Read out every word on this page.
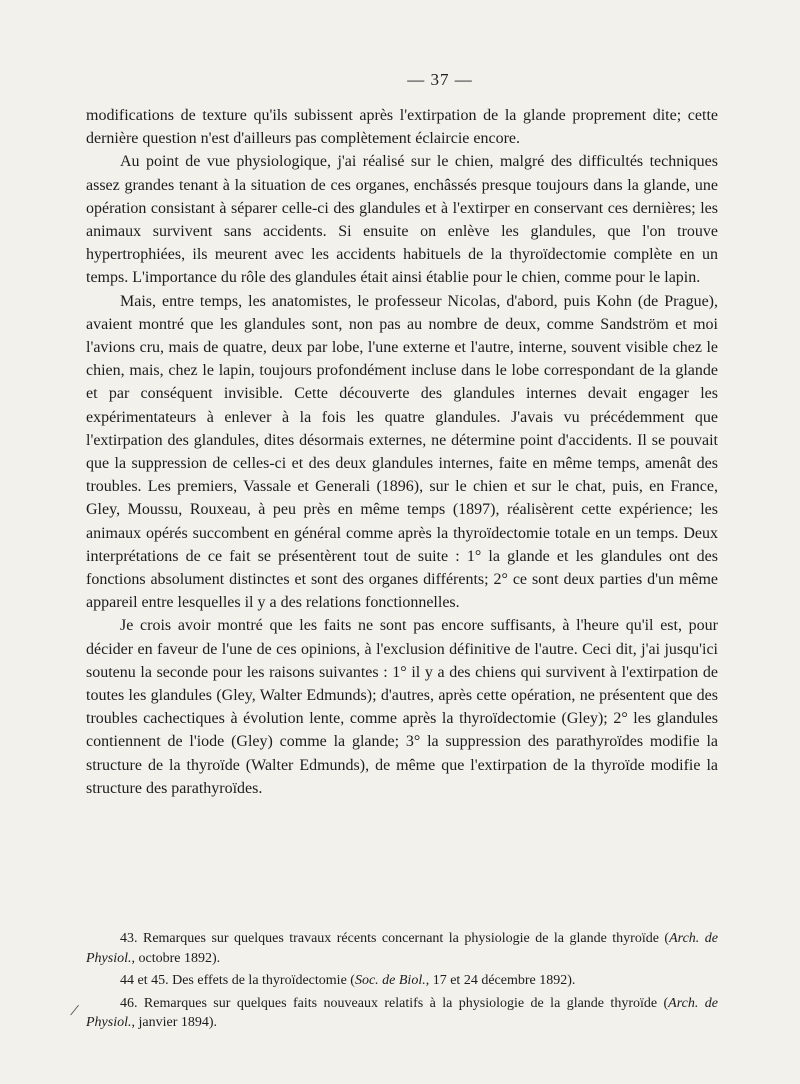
— 37 —

modifications de texture qu'ils subissent après l'extirpation de la glande proprement dite; cette dernière question n'est d'ailleurs pas complètement éclaircie encore.

Au point de vue physiologique, j'ai réalisé sur le chien, malgré des difficultés techniques assez grandes tenant à la situation de ces organes, enchâssés presque toujours dans la glande, une opération consistant à séparer celle-ci des glandules et à l'extirper en conservant ces dernières; les animaux survivent sans accidents. Si ensuite on enlève les glandules, que l'on trouve hypertrophiées, ils meurent avec les accidents habituels de la thyroïdectomie complète en un temps. L'importance du rôle des glandules était ainsi établie pour le chien, comme pour le lapin.

Mais, entre temps, les anatomistes, le professeur Nicolas, d'abord, puis Kohn (de Prague), avaient montré que les glandules sont, non pas au nombre de deux, comme Sandström et moi l'avions cru, mais de quatre, deux par lobe, l'une externe et l'autre, interne, souvent visible chez le chien, mais, chez le lapin, toujours profondément incluse dans le lobe correspondant de la glande et par conséquent invisible. Cette découverte des glandules internes devait engager les expérimentateurs à enlever à la fois les quatre glandules. J'avais vu précédemment que l'extirpation des glandules, dites désormais externes, ne détermine point d'accidents. Il se pouvait que la suppression de celles-ci et des deux glandules internes, faite en même temps, amenât des troubles. Les premiers, Vassale et Generali (1896), sur le chien et sur le chat, puis, en France, Gley, Moussu, Rouxeau, à peu près en même temps (1897), réalisèrent cette expérience; les animaux opérés succombent en général comme après la thyroïdectomie totale en un temps. Deux interprétations de ce fait se présentèrent tout de suite : 1° la glande et les glandules ont des fonctions absolument distinctes et sont des organes différents; 2° ce sont deux parties d'un même appareil entre lesquelles il y a des relations fonctionnelles.

Je crois avoir montré que les faits ne sont pas encore suffisants, à l'heure qu'il est, pour décider en faveur de l'une de ces opinions, à l'exclusion définitive de l'autre. Ceci dit, j'ai jusqu'ici soutenu la seconde pour les raisons suivantes : 1° il y a des chiens qui survivent à l'extirpation de toutes les glandules (Gley, Walter Edmunds); d'autres, après cette opération, ne présentent que des troubles cachectiques à évolution lente, comme après la thyroïdectomie (Gley); 2° les glandules contiennent de l'iode (Gley) comme la glande; 3° la suppression des parathyroïdes modifie la structure de la thyroïde (Walter Edmunds), de même que l'extirpation de la thyroïde modifie la structure des parathyroïdes.

43. Remarques sur quelques travaux récents concernant la physiologie de la glande thyroïde (Arch. de Physiol., octobre 1892).

44 et 45. Des effets de la thyroïdectomie (Soc. de Biol., 17 et 24 décembre 1892).

46. Remarques sur quelques faits nouveaux relatifs à la physiologie de la glande thyroïde (Arch. de Physiol., janvier 1894).

/
